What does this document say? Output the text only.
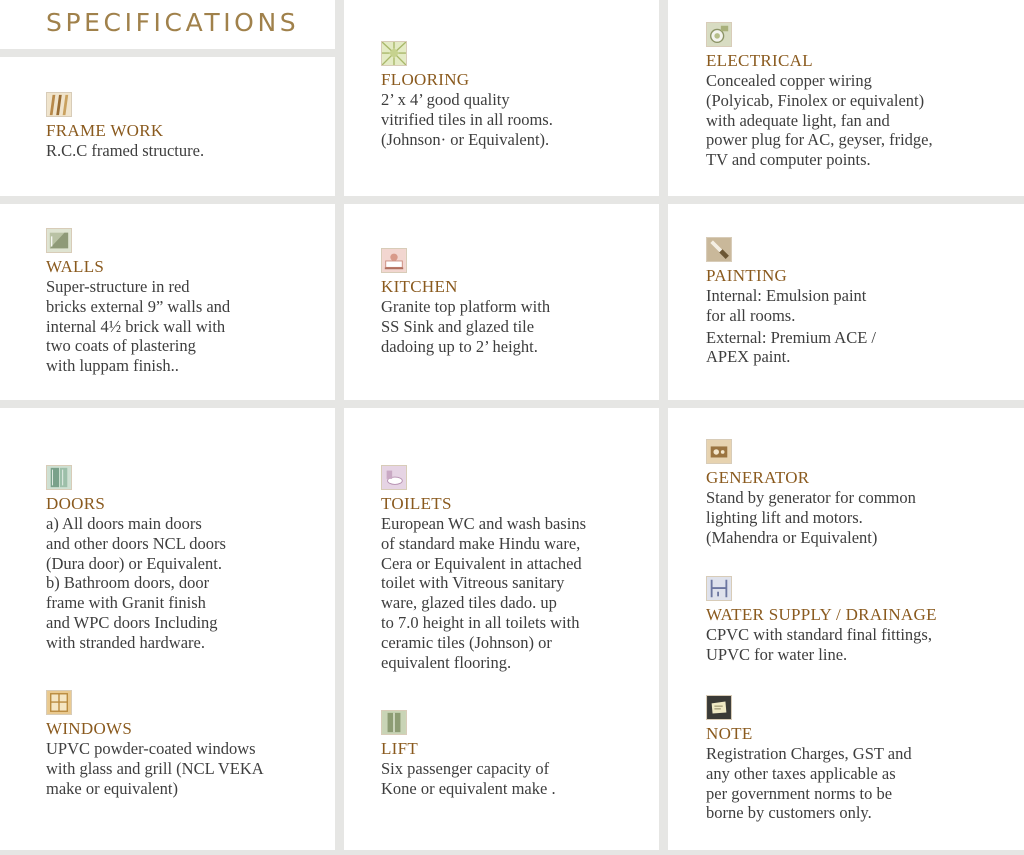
SPECIFICATIONS
FRAME WORK
R.C.C framed structure.
FLOORING
2’ x 4’ good quality
vitrified tiles in all rooms.
(Johnson· or Equivalent).
ELECTRICAL
Concealed copper wiring
(Polyicab, Finolex or equivalent)
with adequate light, fan and
power plug for AC, geyser, fridge,
TV and computer points.
WALLS
Super-structure in red
bricks external 9” walls and
internal 4½ brick wall with
two coats of plastering
with luppam finish..
KITCHEN
Granite top platform with
SS Sink and glazed tile
dadoing up to 2’ height.
PAINTING
Internal: Emulsion paint
for all rooms.
External: Premium ACE /
APEX paint.
DOORS
a) All doors main doors
and other doors NCL doors
(Dura door) or Equivalent.
b) Bathroom doors, door
frame with Granit finish
and WPC doors Including
with stranded hardware.
WINDOWS
UPVC powder-coated windows
with glass and grill (NCL VEKA
make or equivalent)
TOILETS
European WC and wash basins
of standard make Hindu ware,
Cera or Equivalent in attached
toilet with Vitreous sanitary
ware, glazed tiles dado. up
to 7.0 height in all toilets with
ceramic tiles (Johnson) or
equivalent flooring.
LIFT
Six passenger capacity of
Kone or equivalent make .
GENERATOR
Stand by generator for common
lighting lift and motors.
(Mahendra or Equivalent)
WATER SUPPLY / DRAINAGE
CPVC with standard final fittings,
UPVC for water line.
NOTE
Registration Charges, GST and
any other taxes applicable as
per government norms to be
borne by customers only.
